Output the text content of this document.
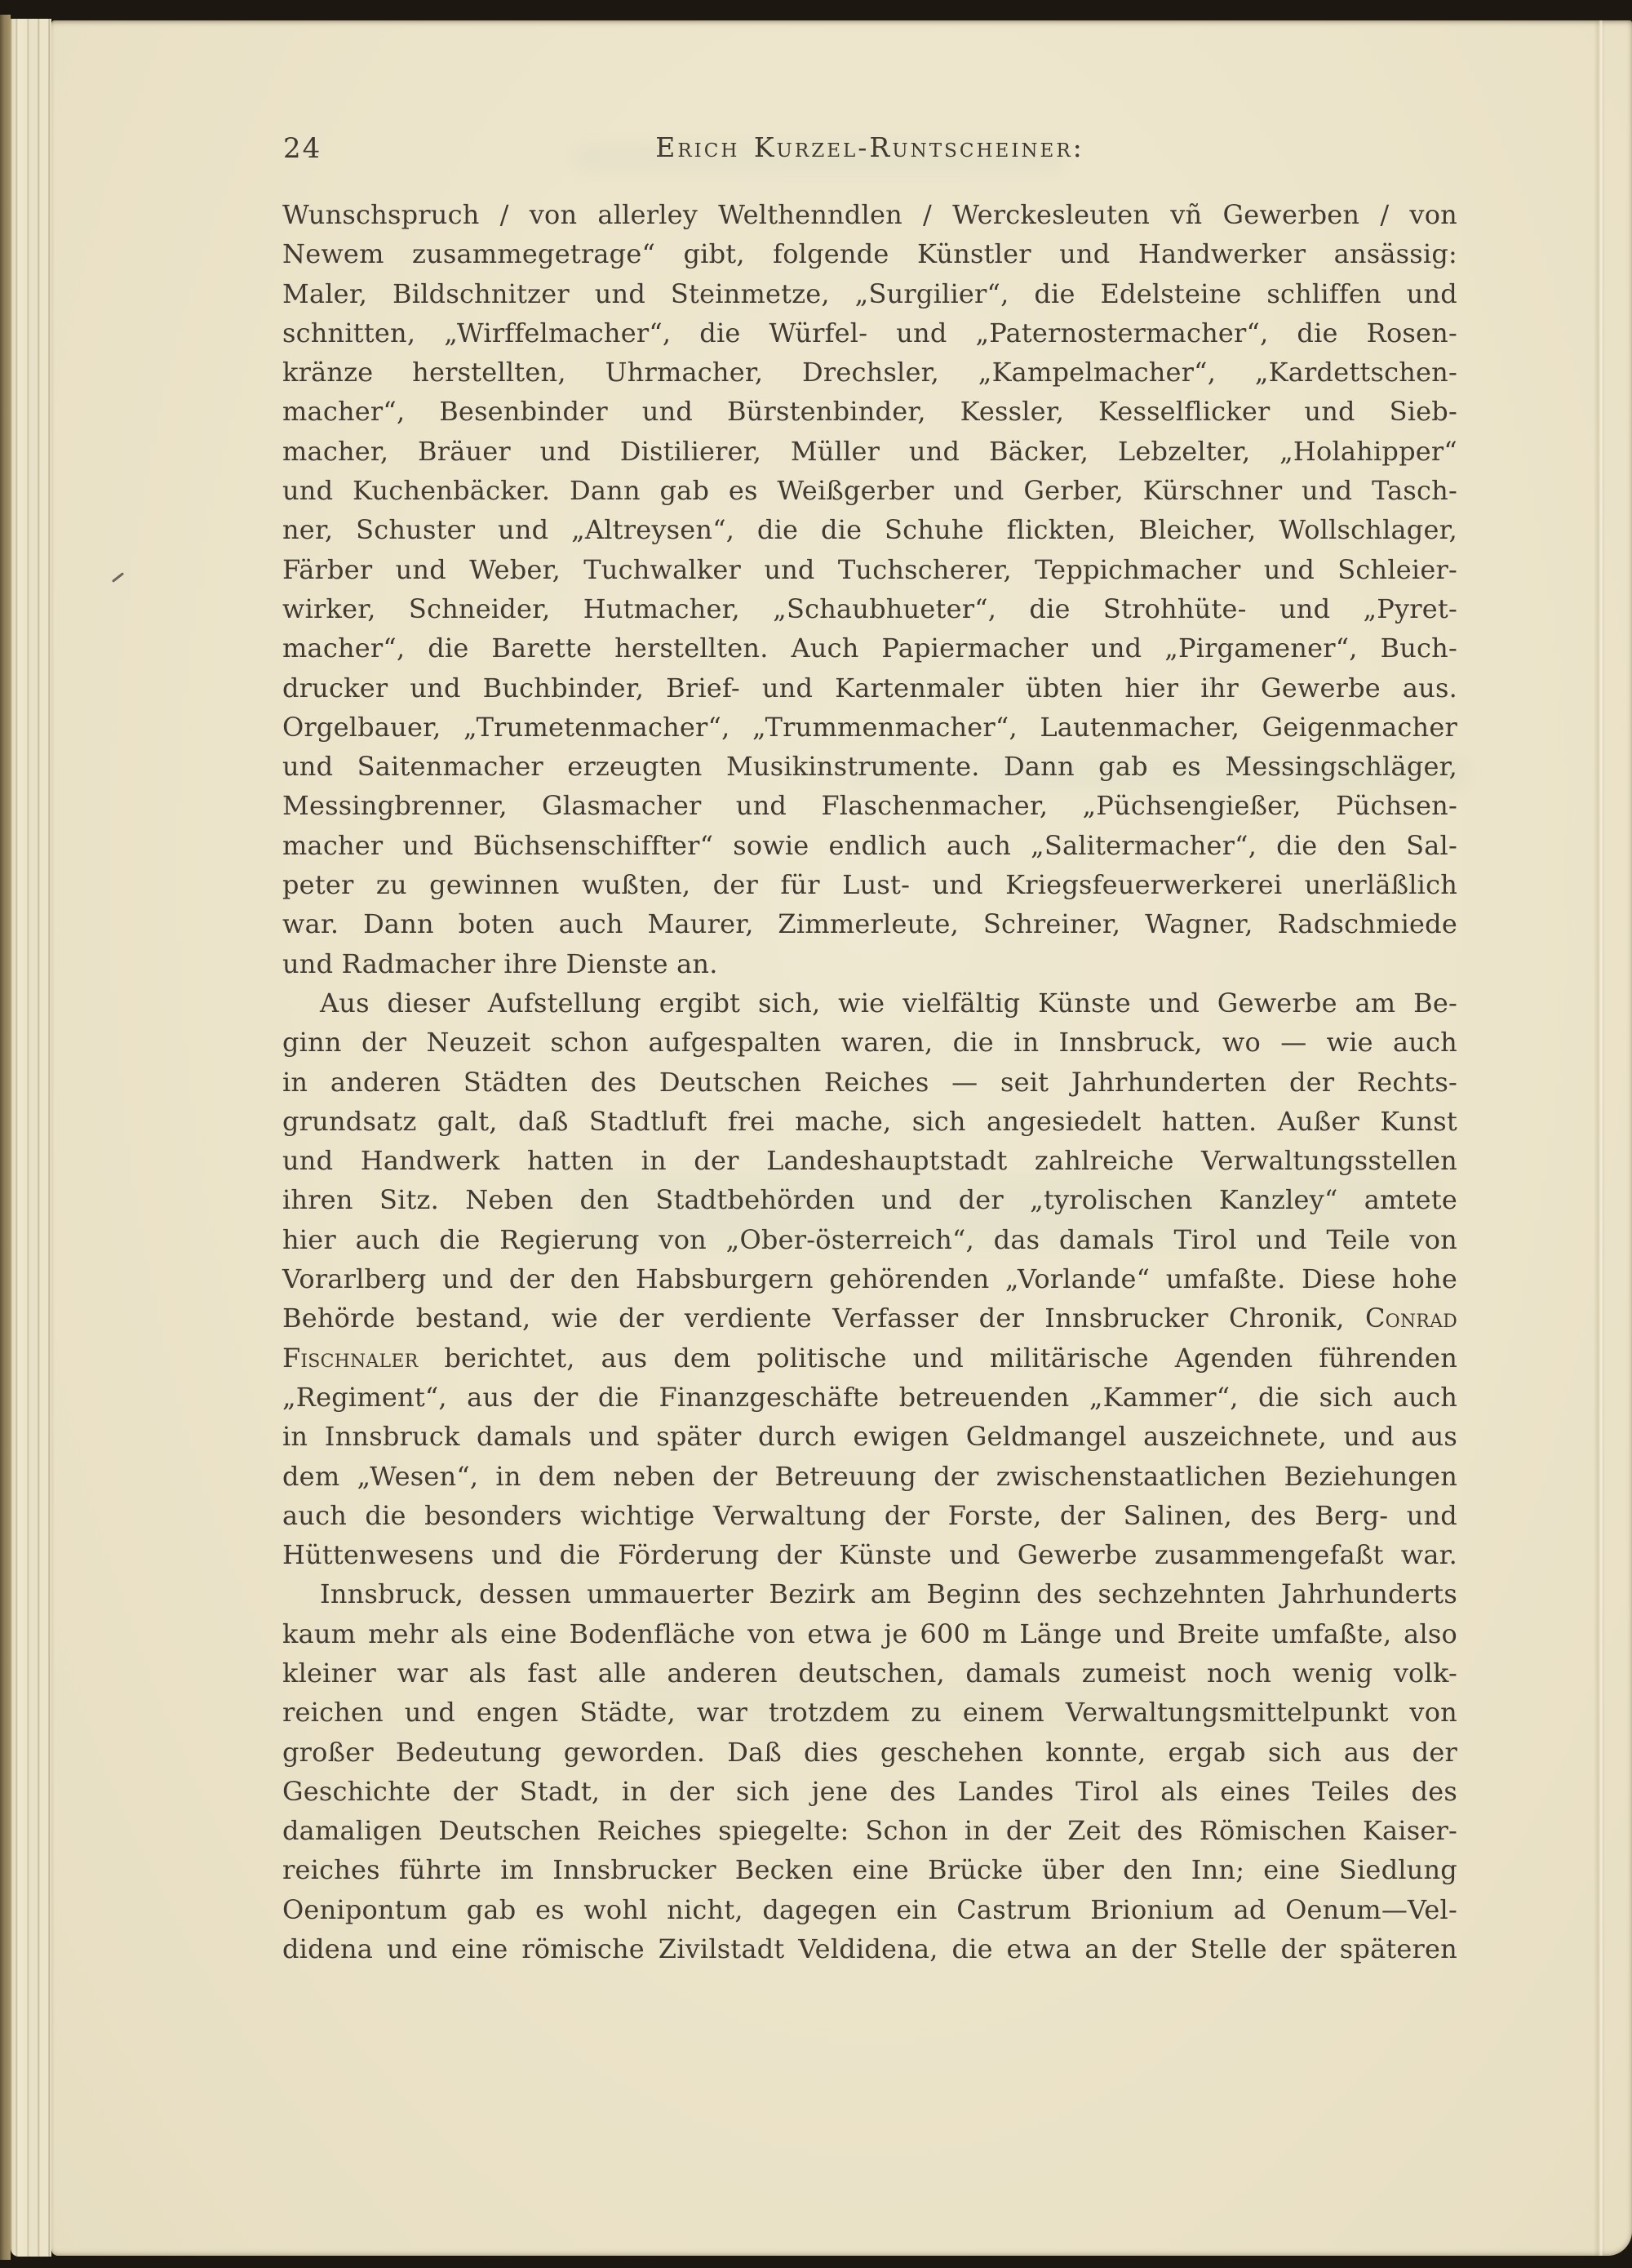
24	Erich Kurzel-Runtscheiner:
Wunschspruch / von allerley Welthenndlen / Werckesleuten vñ Gewerben / von
Newem zusammegetrage“ gibt, folgende Künstler und Handwerker ansässig:
Maler, Bildschnitzer und Steinmetze, „Surgilier“, die Edelsteine schliffen und
schnitten, „Wirffelmacher“, die Würfel- und „Paternostermacher“, die Rosen-
kränze herstellten, Uhrmacher, Drechsler, „Kampelmacher“, „Kardettschen-
macher“, Besenbinder und Bürstenbinder, Kessler, Kesselflicker und Sieb-
macher, Bräuer und Distilierer, Müller und Bäcker, Lebzelter, „Holahipper“
und Kuchenbäcker. Dann gab es Weißgerber und Gerber, Kürschner und Tasch-
ner, Schuster und „Altreysen“, die die Schuhe flickten, Bleicher, Wollschlager,
Färber und Weber, Tuchwalker und Tuchscherer, Teppichmacher und Schleier-
wirker, Schneider, Hutmacher, „Schaubhueter“, die Strohhüte- und „Pyret-
macher“, die Barette herstellten. Auch Papiermacher und „Pirgamener“, Buch-
drucker und Buchbinder, Brief- und Kartenmaler übten hier ihr Gewerbe aus.
Orgelbauer, „Trumetenmacher“, „Trummenmacher“, Lautenmacher, Geigenmacher
und Saitenmacher erzeugten Musikinstrumente. Dann gab es Messingschläger,
Messingbrenner, Glasmacher und Flaschenmacher, „Püchsengießer, Püchsen-
macher und Büchsenschiffter“ sowie endlich auch „Salitermacher“, die den Sal-
peter zu gewinnen wußten, der für Lust- und Kriegsfeuerwerkerei unerläßlich
war. Dann boten auch Maurer, Zimmerleute, Schreiner, Wagner, Radschmiede
und Radmacher ihre Dienste an.
Aus dieser Aufstellung ergibt sich, wie vielfältig Künste und Gewerbe am Be-
ginn der Neuzeit schon aufgespalten waren, die in Innsbruck, wo — wie auch
in anderen Städten des Deutschen Reiches — seit Jahrhunderten der Rechts-
grundsatz galt, daß Stadtluft frei mache, sich angesiedelt hatten. Außer Kunst
und Handwerk hatten in der Landeshauptstadt zahlreiche Verwaltungsstellen
ihren Sitz. Neben den Stadtbehörden und der „tyrolischen Kanzley“ amtete
hier auch die Regierung von „Ober-österreich“, das damals Tirol und Teile von
Vorarlberg und der den Habsburgern gehörenden „Vorlande“ umfaßte. Diese hohe
Behörde bestand, wie der verdiente Verfasser der Innsbrucker Chronik, Conrad
Fischnaler berichtet, aus dem politische und militärische Agenden führenden
„Regiment“, aus der die Finanzgeschäfte betreuenden „Kammer“, die sich auch
in Innsbruck damals und später durch ewigen Geldmangel auszeichnete, und aus
dem „Wesen“, in dem neben der Betreuung der zwischenstaatlichen Beziehungen
auch die besonders wichtige Verwaltung der Forste, der Salinen, des Berg- und
Hüttenwesens und die Förderung der Künste und Gewerbe zusammengefaßt war.
Innsbruck, dessen ummauerter Bezirk am Beginn des sechzehnten Jahrhunderts
kaum mehr als eine Bodenfläche von etwa je 600 m Länge und Breite umfaßte, also
kleiner war als fast alle anderen deutschen, damals zumeist noch wenig volk-
reichen und engen Städte, war trotzdem zu einem Verwaltungsmittelpunkt von
großer Bedeutung geworden. Daß dies geschehen konnte, ergab sich aus der
Geschichte der Stadt, in der sich jene des Landes Tirol als eines Teiles des
damaligen Deutschen Reiches spiegelte: Schon in der Zeit des Römischen Kaiser-
reiches führte im Innsbrucker Becken eine Brücke über den Inn; eine Siedlung
Oenipontum gab es wohl nicht, dagegen ein Castrum Brionium ad Oenum—Vel-
didena und eine römische Zivilstadt Veldidena, die etwa an der Stelle der späteren
